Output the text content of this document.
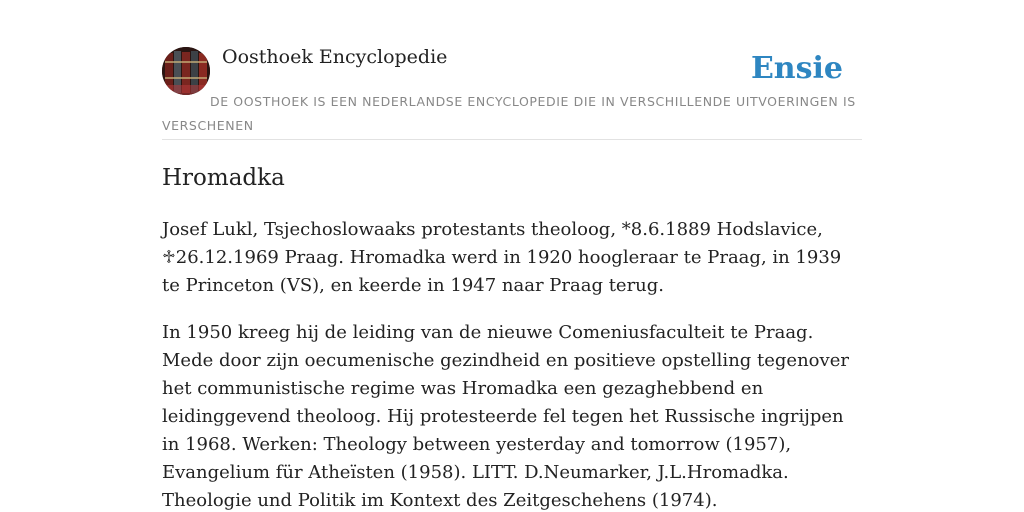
Oosthoek Encyclopedie	Ensie
DE OOSTHOEK IS EEN NEDERLANDSE ENCYCLOPEDIE DIE IN VERSCHILLENDE UITVOERINGEN IS VERSCHENEN
Hromadka

Josef Lukl, Tsjechoslowaaks protestants theoloog, *8.6.1889 Hodslavice, ♱26.12.1969 Praag. Hromadka werd in 1920 hoogleraar te Praag, in 1939 te Princeton (VS), en keerde in 1947 naar Praag terug.

In 1950 kreeg hij de leiding van de nieuwe Comeniusfaculteit te Praag. Mede door zijn oecumenische gezindheid en positieve opstelling tegenover het communistische regime was Hromadka een gezaghebbend en leidinggevend theoloog. Hij protesteerde fel tegen het Russische ingrijpen in 1968. Werken: Theology between yesterday and tomorrow (1957), Evangelium für Atheïsten (1958). LITT. D.Neumarker, J.L.Hromadka. Theologie und Politik im Kontext des Zeitgeschehens (1974).
